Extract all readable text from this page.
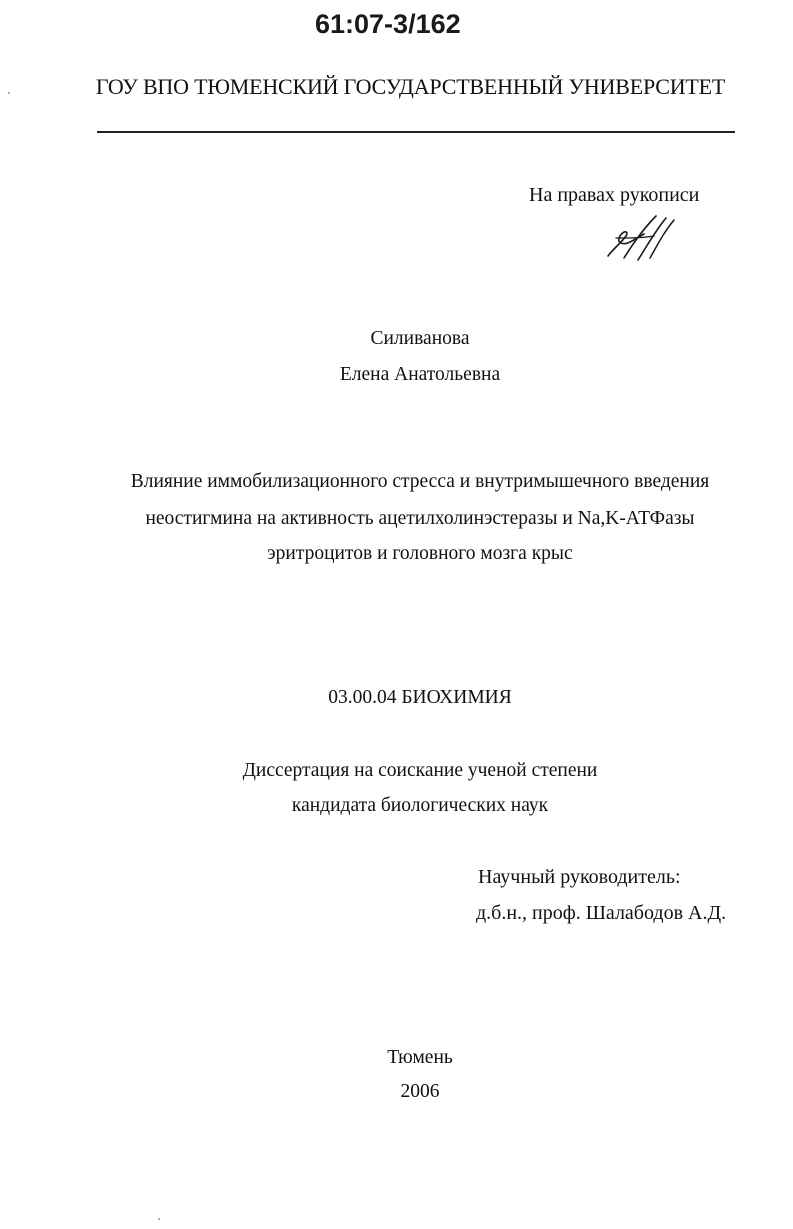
61:07-3/162
ГОУ ВПО ТЮМЕНСКИЙ ГОСУДАРСТВЕННЫЙ УНИВЕРСИТЕТ
На правах рукописи
Силиванова
Елена Анатольевна
Влияние иммобилизационного стресса и внутримышечного введения
неостигмина на активность ацетилхолинэстеразы и Na,K-АТФазы
эритроцитов и головного мозга крыс
03.00.04 БИОХИМИЯ
Диссертация на соискание ученой степени
кандидата биологических наук
Научный руководитель:
д.б.н., проф. Шалабодов А.Д.
Тюмень
2006
